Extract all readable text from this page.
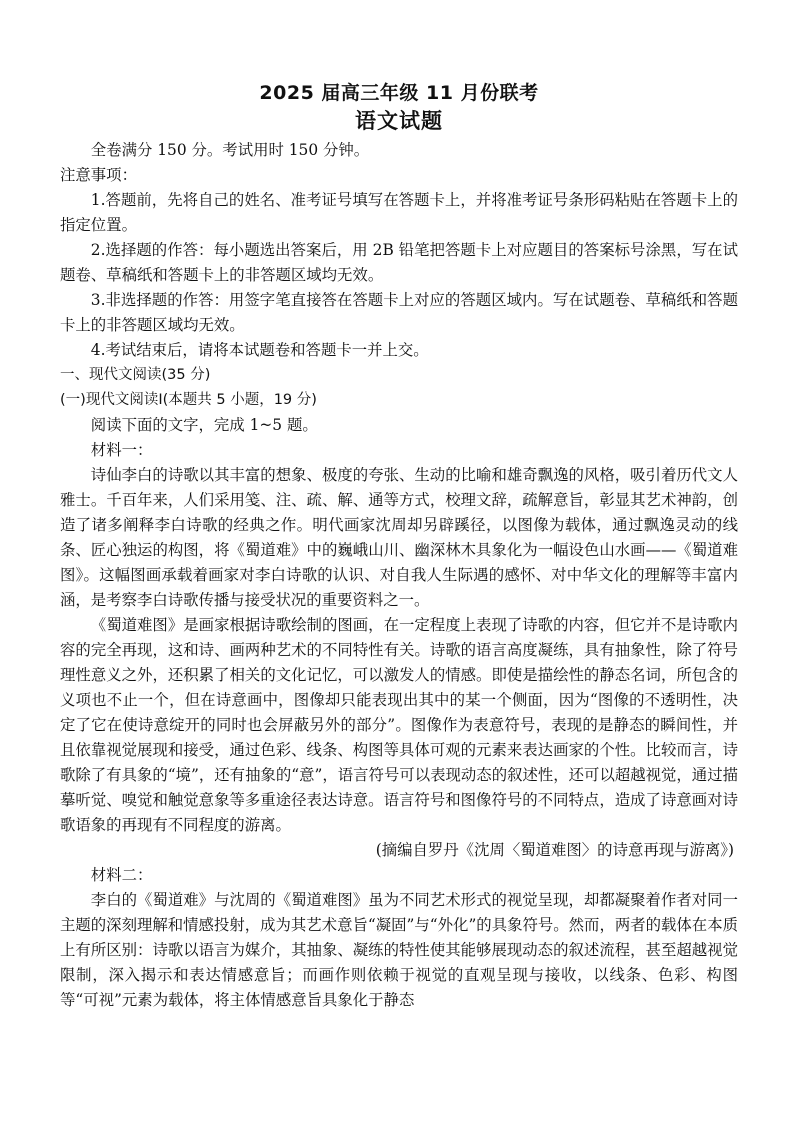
2025 届高三年级 11 月份联考
语文试题

全卷满分 150 分。考试用时 150 分钟。

注意事项：

1.答题前，先将自己的姓名、准考证号填写在答题卡上，并将准考证号条形码粘贴在答题卡上的指定位置。

2.选择题的作答：每小题选出答案后，用 2B 铅笔把答题卡上对应题目的答案标号涂黑，写在试题卷、草稿纸和答题卡上的非答题区域均无效。

3.非选择题的作答：用签字笔直接答在答题卡上对应的答题区域内。写在试题卷、草稿纸和答题卡上的非答题区域均无效。

4.考试结束后，请将本试题卷和答题卡一并上交。

一、现代文阅读(35 分)

(一)现代文阅读Ⅰ(本题共 5 小题，19 分)

阅读下面的文字，完成 1~5 题。

材料一：

诗仙李白的诗歌以其丰富的想象、极度的夸张、生动的比喻和雄奇飘逸的风格，吸引着历代文人雅士。千百年来，人们采用笺、注、疏、解、通等方式，校理文辞，疏解意旨，彰显其艺术神韵，创造了诸多阐释李白诗歌的经典之作。明代画家沈周却另辟蹊径，以图像为载体，通过飘逸灵动的线条、匠心独运的构图，将《蜀道难》中的巍峨山川、幽深林木具象化为一幅设色山水画——《蜀道难图》。这幅图画承载着画家对李白诗歌的认识、对自我人生际遇的感怀、对中华文化的理解等丰富内涵，是考察李白诗歌传播与接受状况的重要资料之一。

《蜀道难图》是画家根据诗歌绘制的图画，在一定程度上表现了诗歌的内容，但它并不是诗歌内容的完全再现，这和诗、画两种艺术的不同特性有关。诗歌的语言高度凝练，具有抽象性，除了符号理性意义之外，还积累了相关的文化记忆，可以激发人的情感。即使是描绘性的静态名词，所包含的义项也不止一个，但在诗意画中，图像却只能表现出其中的某一个侧面，因为“图像的不透明性，决定了它在使诗意绽开的同时也会屏蔽另外的部分”。图像作为表意符号，表现的是静态的瞬间性，并且依靠视觉展现和接受，通过色彩、线条、构图等具体可观的元素来表达画家的个性。比较而言，诗歌除了有具象的“境”，还有抽象的“意”，语言符号可以表现动态的叙述性，还可以超越视觉，通过描摹听觉、嗅觉和触觉意象等多重途径表达诗意。语言符号和图像符号的不同特点，造成了诗意画对诗歌语象的再现有不同程度的游离。

(摘编自罗丹《沈周〈蜀道难图〉的诗意再现与游离》)

材料二：

李白的《蜀道难》与沈周的《蜀道难图》虽为不同艺术形式的视觉呈现，却都凝聚着作者对同一主题的深刻理解和情感投射，成为其艺术意旨“凝固”与“外化”的具象符号。然而，两者的载体在本质上有所区别：诗歌以语言为媒介，其抽象、凝练的特性使其能够展现动态的叙述流程，甚至超越视觉限制，深入揭示和表达情感意旨；而画作则依赖于视觉的直观呈现与接收，以线条、色彩、构图等“可视”元素为载体，将主体情感意旨具象化于静态
